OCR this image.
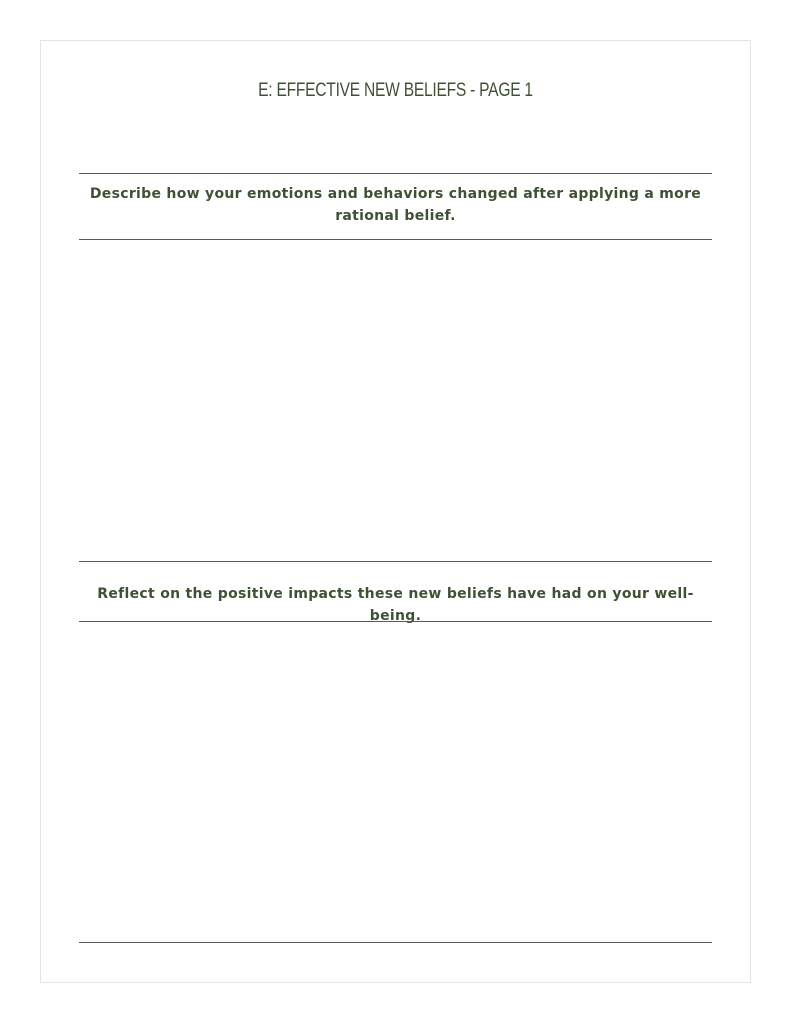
E: EFFECTIVE NEW BELIEFS - PAGE 1
Describe how your emotions and behaviors changed after applying a more rational belief.
Reflect on the positive impacts these new beliefs have had on your well-being.
